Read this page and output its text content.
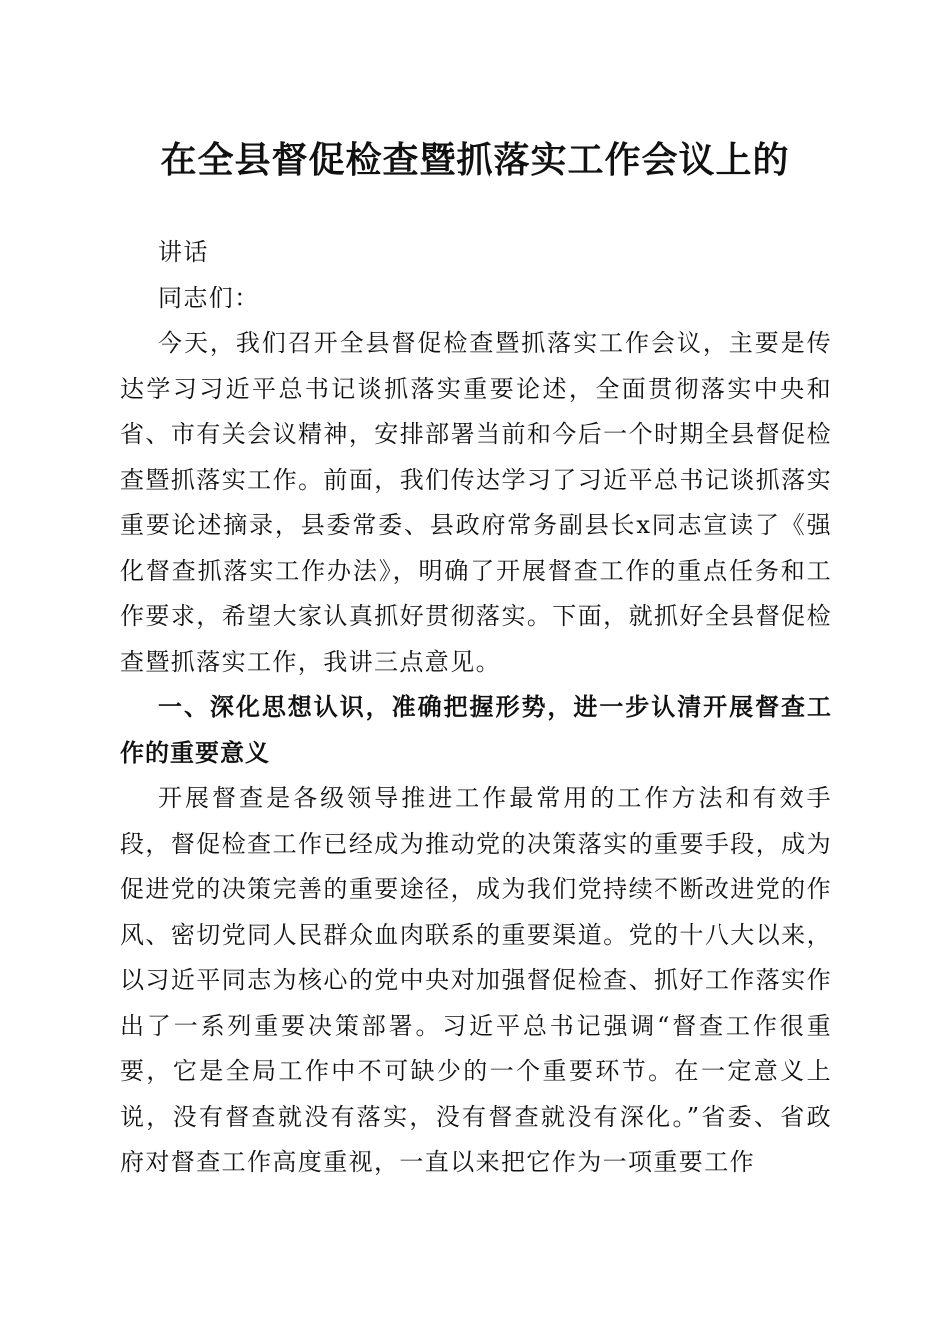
在全县督促检查暨抓落实工作会议上的

讲话

同志们：

今天，我们召开全县督促检查暨抓落实工作会议，主要是传达学习习近平总书记谈抓落实重要论述，全面贯彻落实中央和省、市有关会议精神，安排部署当前和今后一个时期全县督促检查暨抓落实工作。前面，我们传达学习了习近平总书记谈抓落实重要论述摘录，县委常委、县政府常务副县长x同志宣读了《强化督查抓落实工作办法》，明确了开展督查工作的重点任务和工作要求，希望大家认真抓好贯彻落实。下面，就抓好全县督促检查暨抓落实工作，我讲三点意见。

一、深化思想认识，准确把握形势，进一步认清开展督查工作的重要意义

开展督查是各级领导推进工作最常用的工作方法和有效手段，督促检查工作已经成为推动党的决策落实的重要手段，成为促进党的决策完善的重要途径，成为我们党持续不断改进党的作风、密切党同人民群众血肉联系的重要渠道。党的十八大以来，以习近平同志为核心的党中央对加强督促检查、抓好工作落实作出了一系列重要决策部署。习近平总书记强调“督查工作很重要，它是全局工作中不可缺少的一个重要环节。在一定意义上说，没有督查就没有落实，没有督查就没有深化。”省委、省政府对督查工作高度重视，一直以来把它作为一项重要工作
